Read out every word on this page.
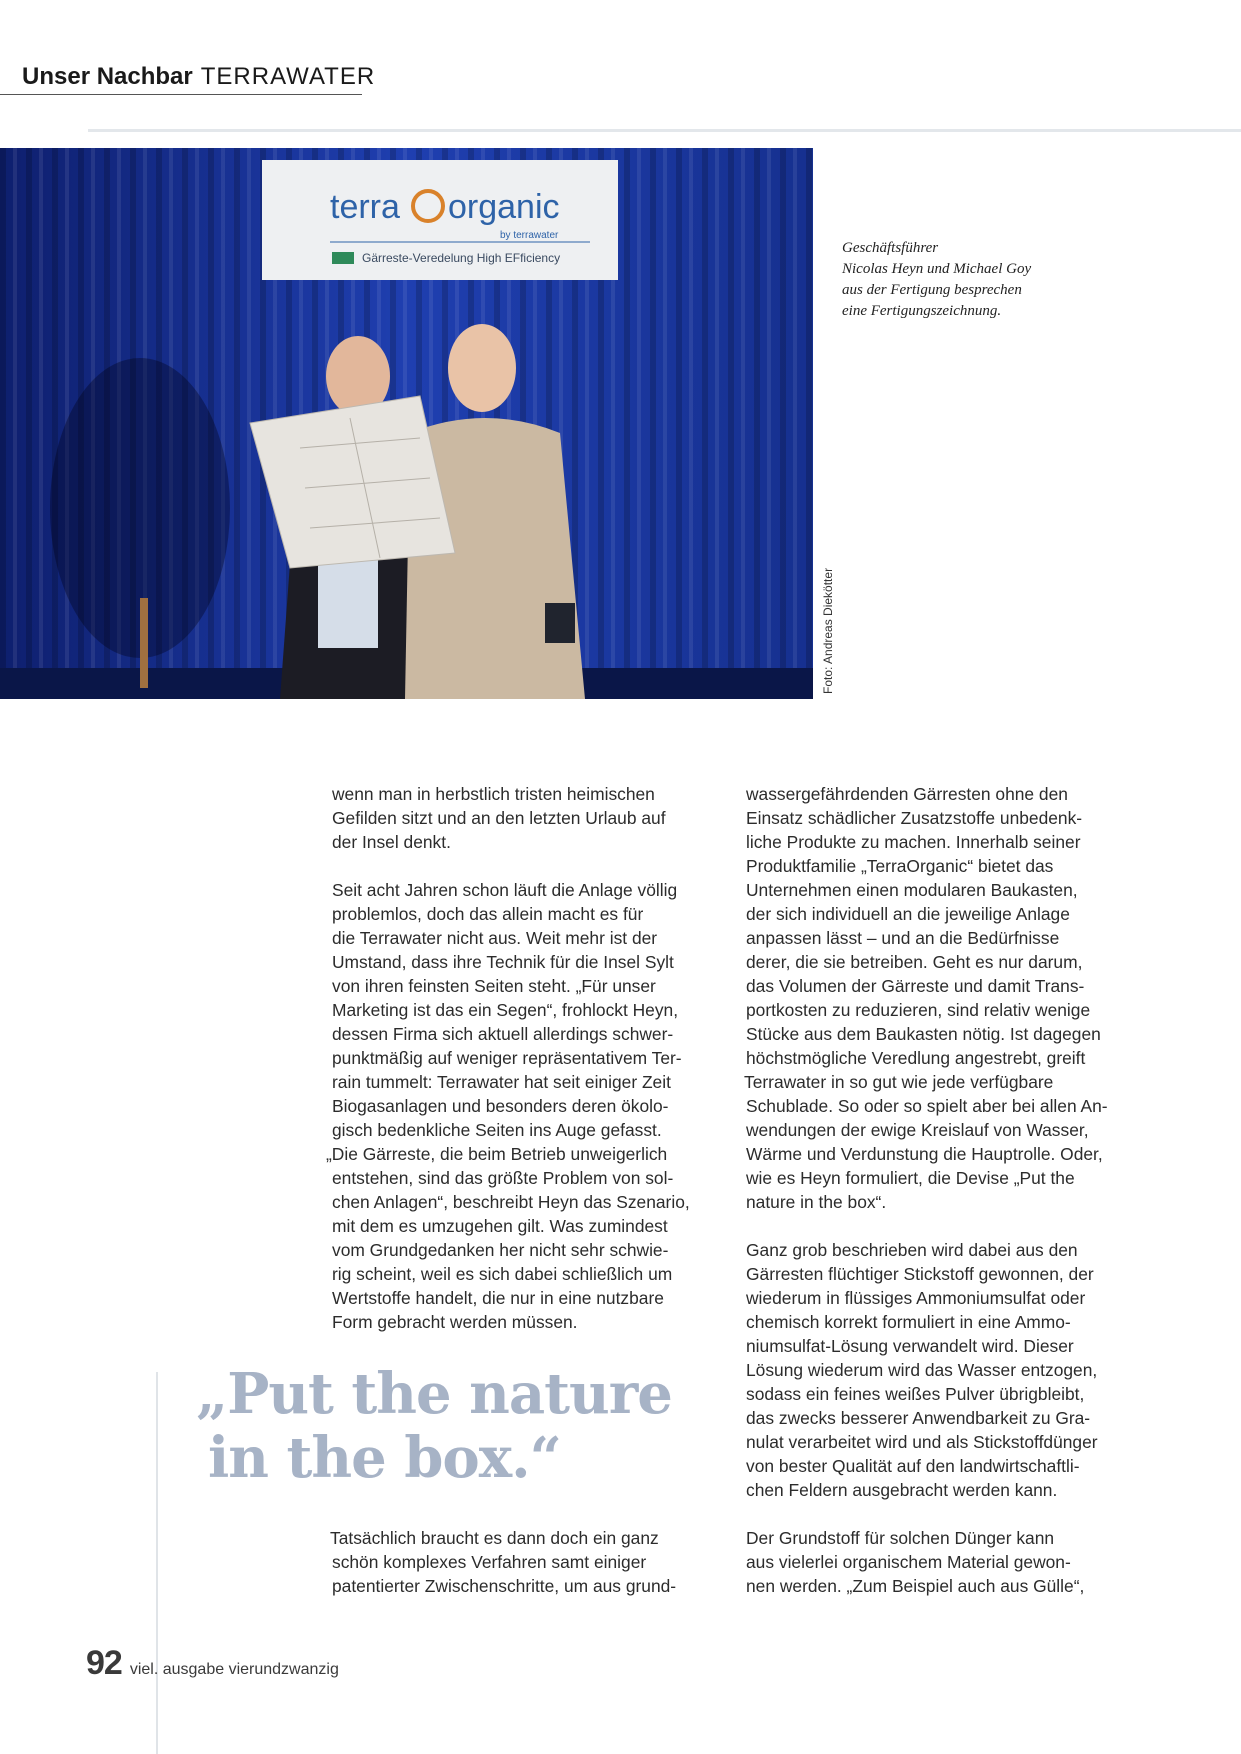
Unser Nachbar TERRAWATER
terra organic
by terrawater
Gärreste-Veredelung High EFficiency
Foto: Andreas Diekötter
Geschäftsführer
Nicolas Heyn und Michael Goy
aus der Fertigung besprechen
eine Fertigungszeichnung.

wenn man in herbstlich tristen heimischen
Gefilden sitzt und an den letzten Urlaub auf
der Insel denkt.

Seit acht Jahren schon läuft die Anlage völlig
problemlos, doch das allein macht es für
die Terrawater nicht aus. Weit mehr ist der
Umstand, dass ihre Technik für die Insel Sylt
von ihren feinsten Seiten steht. „Für unser
Marketing ist das ein Segen“, frohlockt Heyn,
dessen Firma sich aktuell allerdings schwer-
punktmäßig auf weniger repräsentativem Ter-
rain tummelt: Terrawater hat seit einiger Zeit
Biogasanlagen und besonders deren ökolo-
gisch bedenkliche Seiten ins Auge gefasst.
„Die Gärreste, die beim Betrieb unweigerlich
entstehen, sind das größte Problem von sol-
chen Anlagen“, beschreibt Heyn das Szenario,
mit dem es umzugehen gilt. Was zumindest
vom Grundgedanken her nicht sehr schwie-
rig scheint, weil es sich dabei schließlich um
Wertstoffe handelt, die nur in eine nutzbare
Form gebracht werden müssen.

„Put the nature
in the box.“

Tatsächlich braucht es dann doch ein ganz
schön komplexes Verfahren samt einiger
patentierter Zwischenschritte, um aus grund-

wassergefährdenden Gärresten ohne den
Einsatz schädlicher Zusatzstoffe unbedenk-
liche Produkte zu machen. Innerhalb seiner
Produktfamilie „TerraOrganic“ bietet das
Unternehmen einen modularen Baukasten,
der sich individuell an die jeweilige Anlage
anpassen lässt – und an die Bedürfnisse
derer, die sie betreiben. Geht es nur darum,
das Volumen der Gärreste und damit Trans-
portkosten zu reduzieren, sind relativ wenige
Stücke aus dem Baukasten nötig. Ist dagegen
höchstmögliche Veredlung angestrebt, greift
Terrawater in so gut wie jede verfügbare
Schublade. So oder so spielt aber bei allen An-
wendungen der ewige Kreislauf von Wasser,
Wärme und Verdunstung die Hauptrolle. Oder,
wie es Heyn formuliert, die Devise „Put the
nature in the box“.

Ganz grob beschrieben wird dabei aus den
Gärresten flüchtiger Stickstoff gewonnen, der
wiederum in flüssiges Ammoniumsulfat oder
chemisch korrekt formuliert in eine Ammo-
niumsulfat-Lösung verwandelt wird. Dieser
Lösung wiederum wird das Wasser entzogen,
sodass ein feines weißes Pulver übrigbleibt,
das zwecks besserer Anwendbarkeit zu Gra-
nulat verarbeitet wird und als Stickstoffdünger
von bester Qualität auf den landwirtschaftli-
chen Feldern ausgebracht werden kann.

Der Grundstoff für solchen Dünger kann
aus vielerlei organischem Material gewon-
nen werden. „Zum Beispiel auch aus Gülle“,

92 viel. ausgabe vierundzwanzig
